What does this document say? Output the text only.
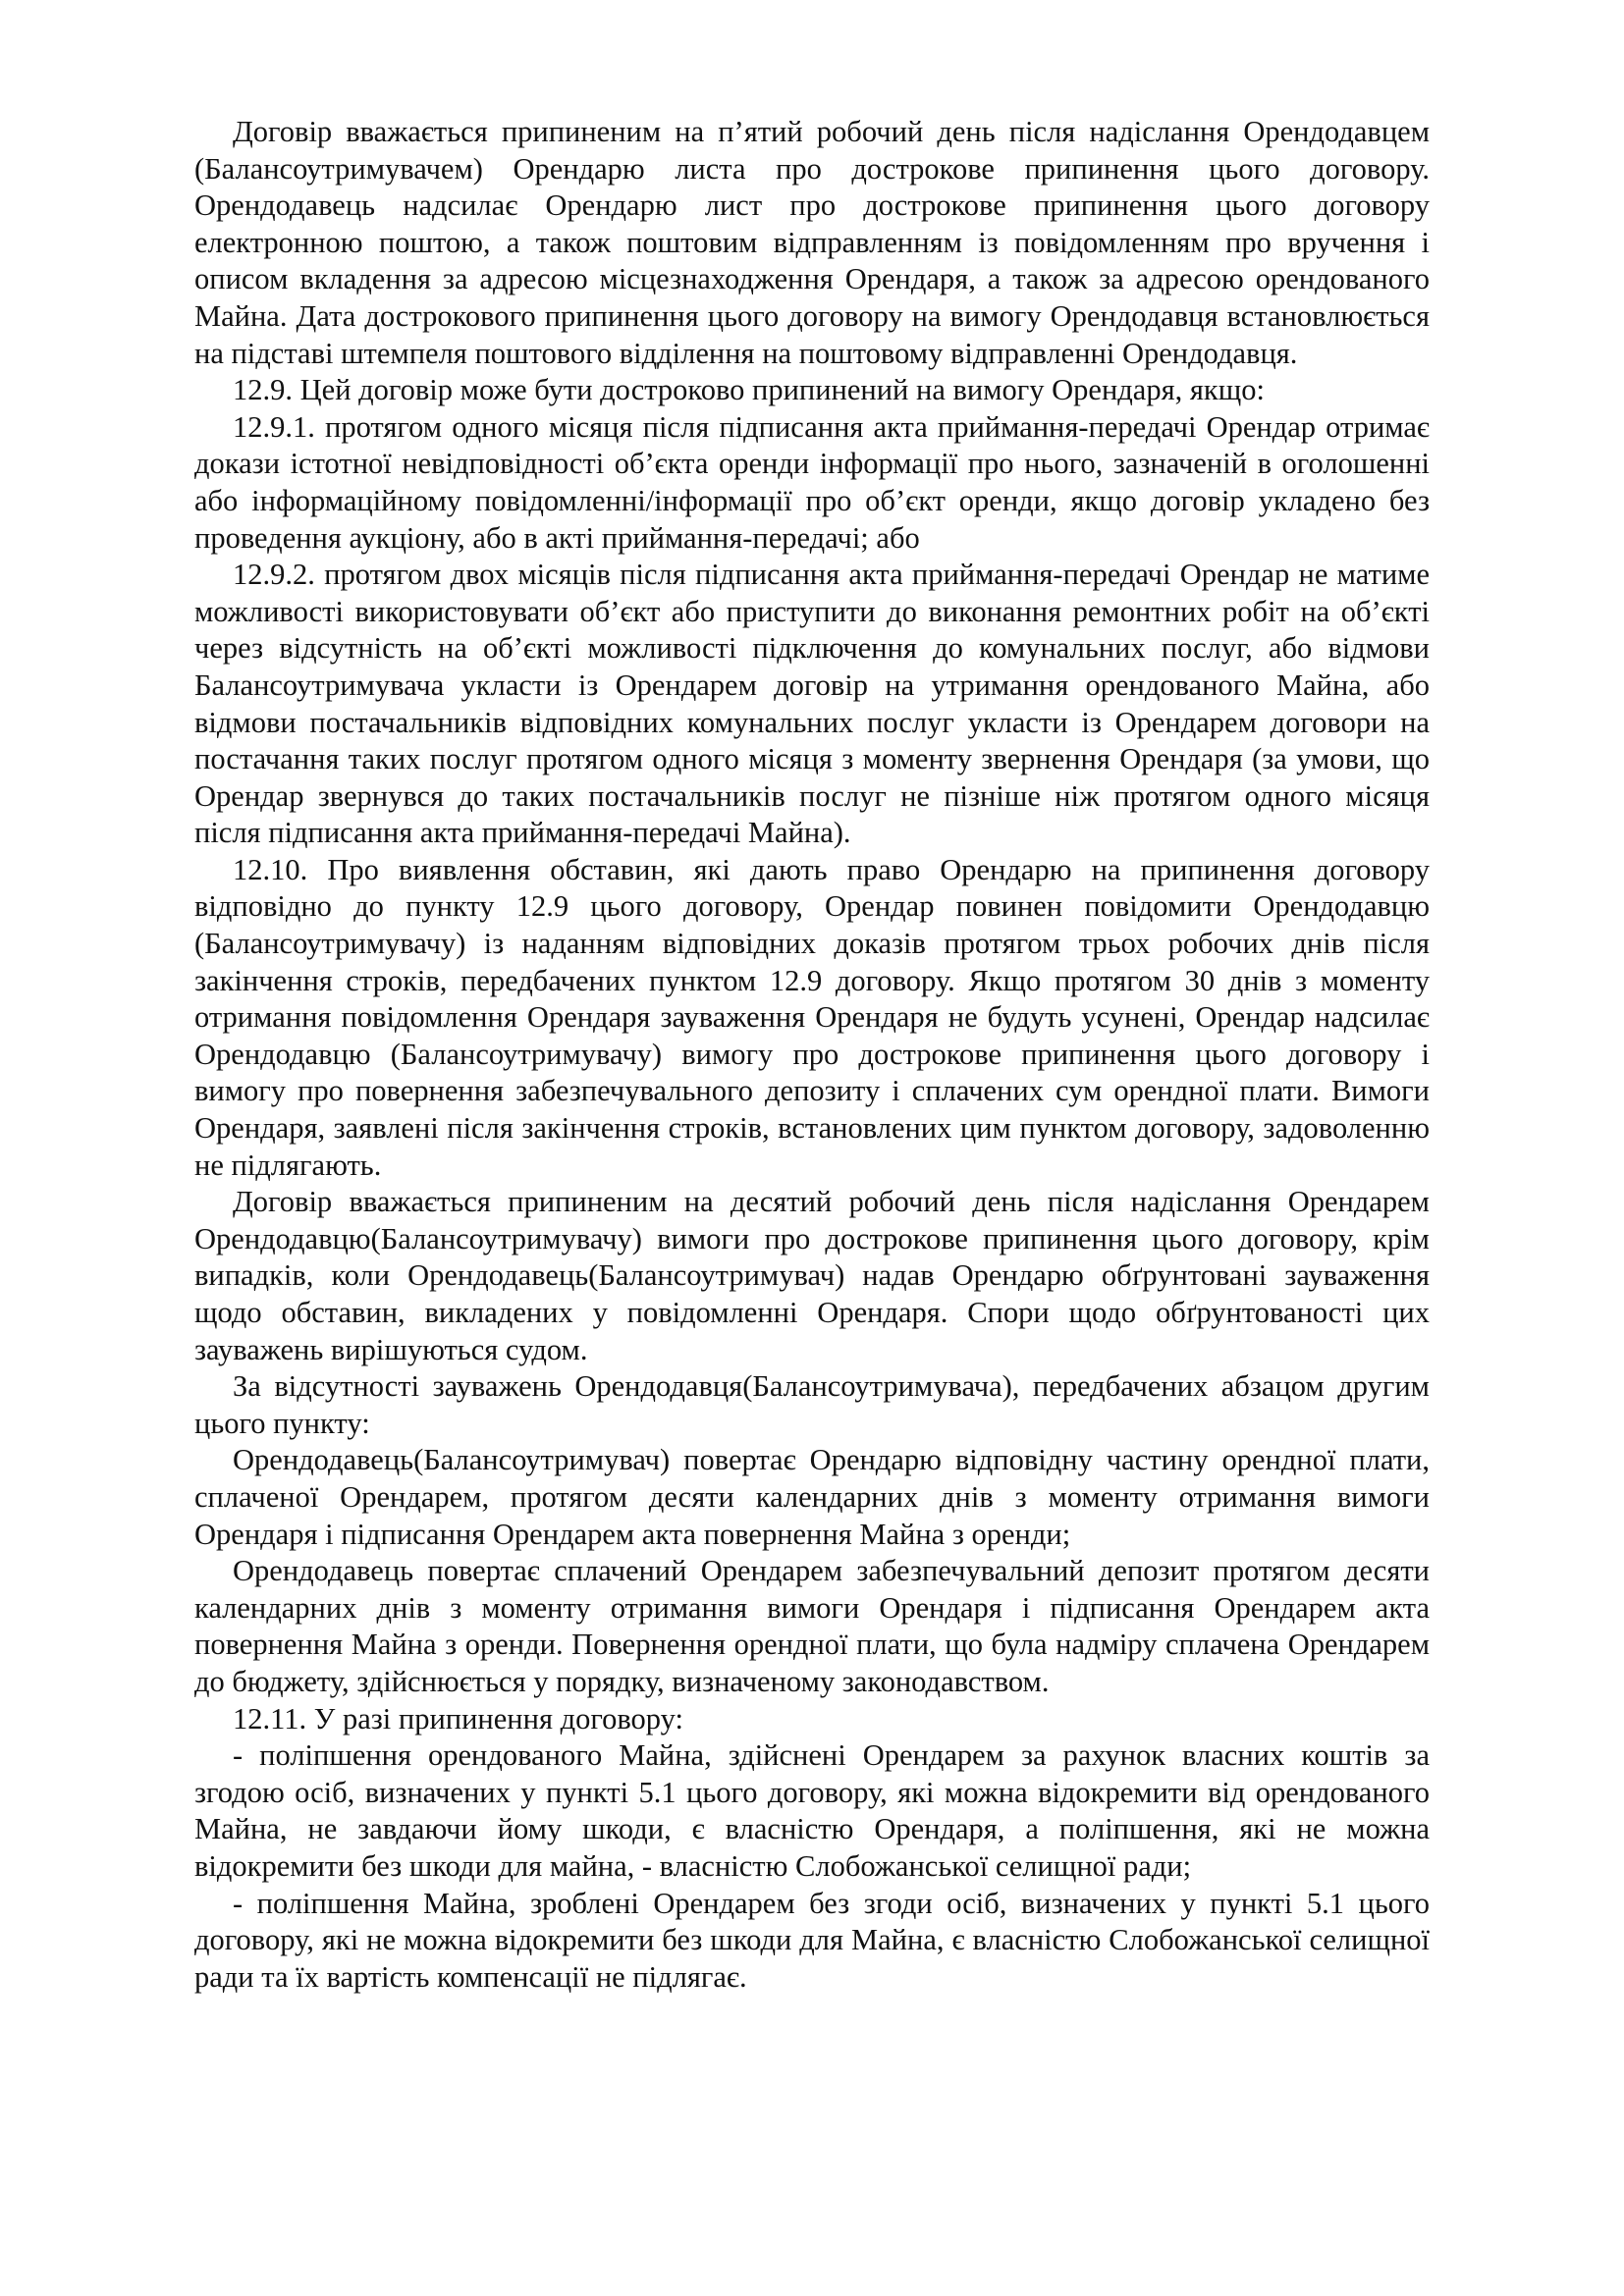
Договір вважається припиненим на п’ятий робочий день після надіслання Орендодавцем (Балансоутримувачем) Орендарю листа про дострокове припинення цього договору. Орендодавець надсилає Орендарю лист про дострокове припинення цього договору електронною поштою, а також поштовим відправленням із повідомленням про вручення і описом вкладення за адресою місцезнаходження Орендаря, а також за адресою орендованого Майна. Дата дострокового припинення цього договору на вимогу Орендодавця встановлюється на підставі штемпеля поштового відділення на поштовому відправленні Орендодавця.

12.9. Цей договір може бути достроково припинений на вимогу Орендаря, якщо:

12.9.1. протягом одного місяця після підписання акта приймання-передачі Орендар отримає докази істотної невідповідності об’єкта оренди інформації про нього, зазначеній в оголошенні або інформаційному повідомленні/інформації про об’єкт оренди, якщо договір укладено без проведення аукціону, або в акті приймання-передачі; або

12.9.2. протягом двох місяців після підписання акта приймання-передачі Орендар не матиме можливості використовувати об’єкт або приступити до виконання ремонтних робіт на об’єкті через відсутність на об’єкті можливості підключення до комунальних послуг, або відмови Балансоутримувача укласти із Орендарем договір на утримання орендованого Майна, або відмови постачальників відповідних комунальних послуг укласти із Орендарем договори на постачання таких послуг протягом одного місяця з моменту звернення Орендаря (за умови, що Орендар звернувся до таких постачальників послуг не пізніше ніж протягом одного місяця після підписання акта приймання-передачі Майна).

12.10. Про виявлення обставин, які дають право Орендарю на припинення договору відповідно до пункту 12.9 цього договору, Орендар повинен повідомити Орендодавцю (Балансоутримувачу) із наданням відповідних доказів протягом трьох робочих днів після закінчення строків, передбачених пунктом 12.9 договору. Якщо протягом 30 днів з моменту отримання повідомлення Орендаря зауваження Орендаря не будуть усунені, Орендар надсилає Орендодавцю (Балансоутримувачу) вимогу про дострокове припинення цього договору і вимогу про повернення забезпечувального депозиту і сплачених сум орендної плати. Вимоги Орендаря, заявлені після закінчення строків, встановлених цим пунктом договору, задоволенню не підлягають.

Договір вважається припиненим на десятий робочий день після надіслання Орендарем Орендодавцю(Балансоутримувачу) вимоги про дострокове припинення цього договору, крім випадків, коли Орендодавець(Балансоутримувач) надав Орендарю обґрунтовані зауваження щодо обставин, викладених у повідомленні Орендаря. Спори щодо обґрунтованості цих зауважень вирішуються судом.

За відсутності зауважень Орендодавця(Балансоутримувача), передбачених абзацом другим цього пункту:

Орендодавець(Балансоутримувач) повертає Орендарю відповідну частину орендної плати, сплаченої Орендарем, протягом десяти календарних днів з моменту отримання вимоги Орендаря і підписання Орендарем акта повернення Майна з оренди;

Орендодавець повертає сплачений Орендарем забезпечувальний депозит протягом десяти календарних днів з моменту отримання вимоги Орендаря і підписання Орендарем акта повернення Майна з оренди. Повернення орендної плати, що була надміру сплачена Орендарем до бюджету, здійснюється у порядку, визначеному законодавством.

12.11. У разі припинення договору:

- поліпшення орендованого Майна, здійснені Орендарем за рахунок власних коштів за згодою осіб, визначених у пункті 5.1 цього договору, які можна відокремити від орендованого Майна, не завдаючи йому шкоди, є власністю Орендаря, а поліпшення, які не можна відокремити без шкоди для майна, - власністю Слобожанської селищної ради;

- поліпшення Майна, зроблені Орендарем без згоди осіб, визначених у пункті 5.1 цього договору, які не можна відокремити без шкоди для Майна, є власністю Слобожанської селищної ради та їх вартість компенсації не підлягає.
